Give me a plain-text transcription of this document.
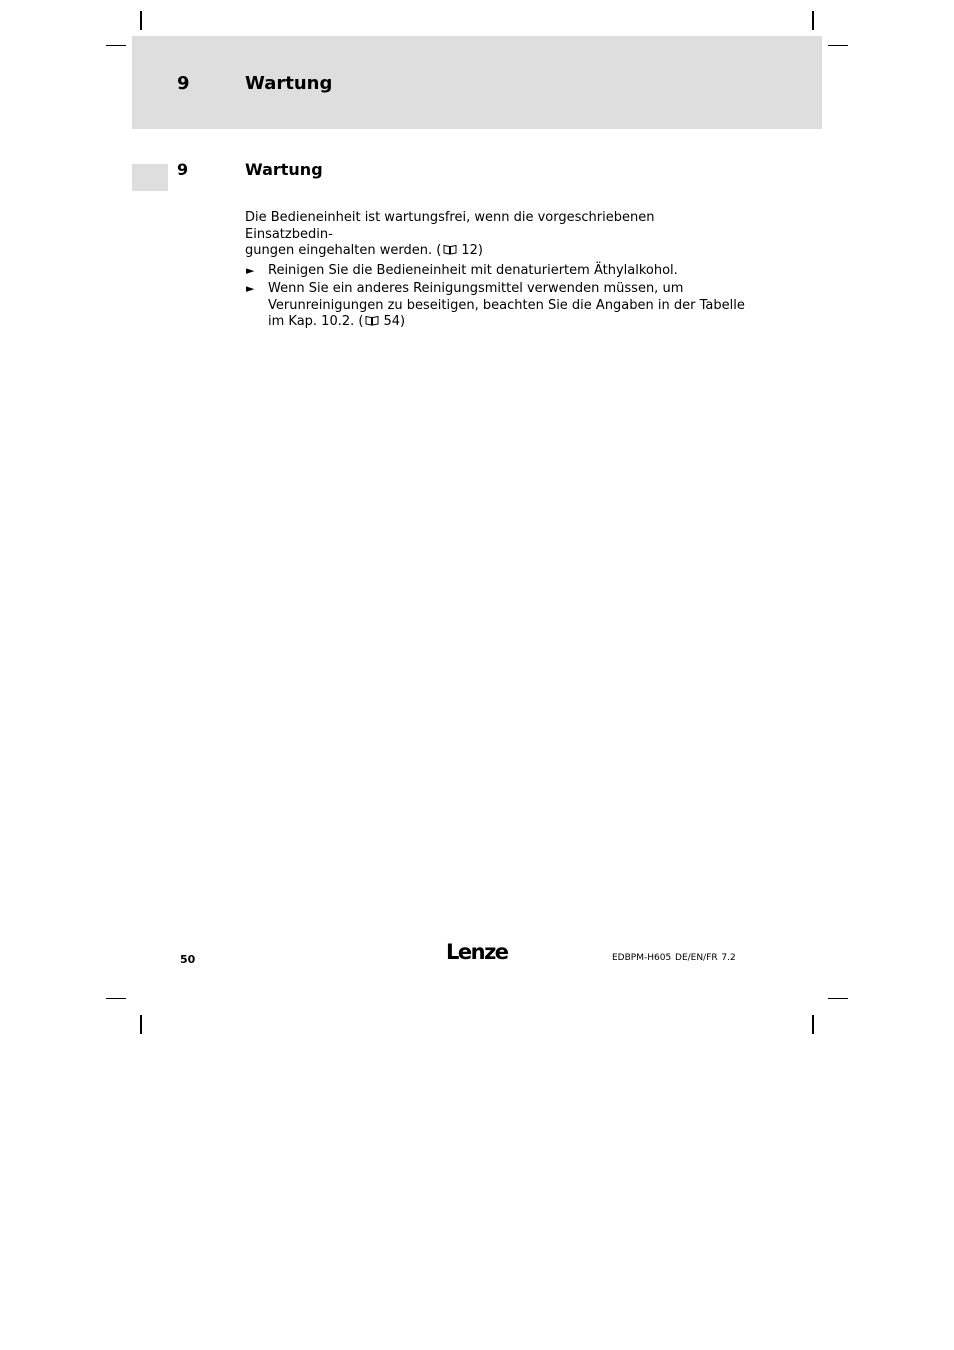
9	Wartung
9	Wartung

Die Bedieneinheit ist wartungsfrei, wenn die vorgeschriebenen Einsatzbedin-
gungen eingehalten werden. ( 12)

► Reinigen Sie die Bedieneinheit mit denaturiertem Äthylalkohol.
► Wenn Sie ein anderes Reinigungsmittel verwenden müssen, um
Verunreinigungen zu beseitigen, beachten Sie die Angaben in der Tabelle
im Kap. 10.2. ( 54)
50	Lenze	EDBPM-H605 DE/EN/FR 7.2
